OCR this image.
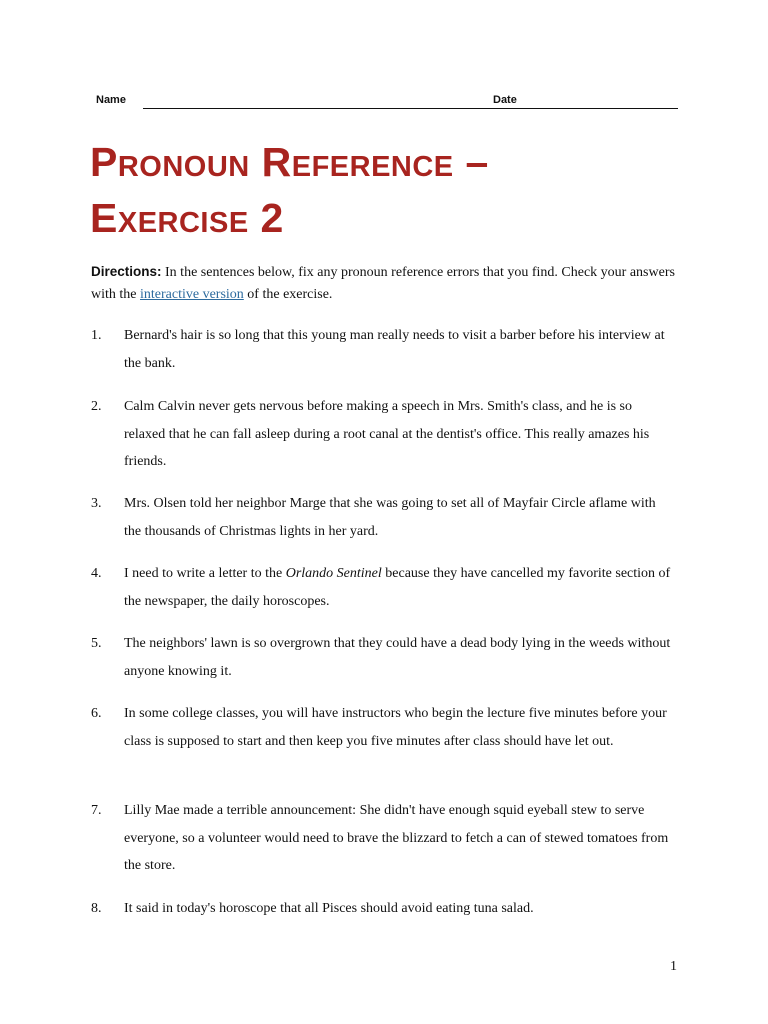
Name	Date
Pronoun Reference –
Exercise 2

Directions: In the sentences below, fix any pronoun reference errors that you find. Check your answers with the interactive version of the exercise.

1. Bernard's hair is so long that this young man really needs to visit a barber before his interview at the bank.
2. Calm Calvin never gets nervous before making a speech in Mrs. Smith's class, and he is so relaxed that he can fall asleep during a root canal at the dentist's office. This really amazes his friends.
3. Mrs. Olsen told her neighbor Marge that she was going to set all of Mayfair Circle aflame with the thousands of Christmas lights in her yard.
4. I need to write a letter to the Orlando Sentinel because they have cancelled my favorite section of the newspaper, the daily horoscopes.
5. The neighbors' lawn is so overgrown that they could have a dead body lying in the weeds without anyone knowing it.
6. In some college classes, you will have instructors who begin the lecture five minutes before your class is supposed to start and then keep you five minutes after class should have let out.
7. Lilly Mae made a terrible announcement: She didn't have enough squid eyeball stew to serve everyone, so a volunteer would need to brave the blizzard to fetch a can of stewed tomatoes from the store.
8. It said in today's horoscope that all Pisces should avoid eating tuna salad.
1
